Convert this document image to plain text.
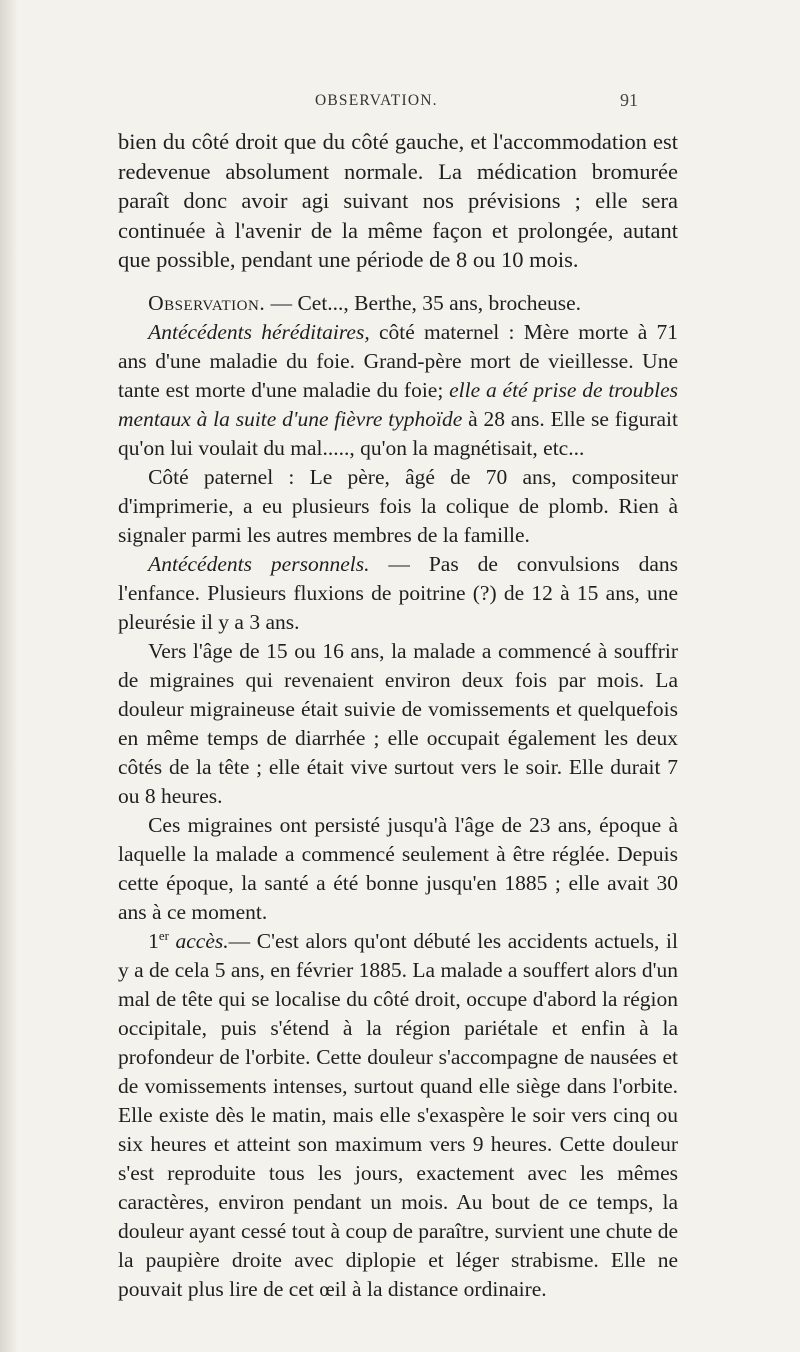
OBSERVATION.	91

bien du côté droit que du côté gauche, et l'accommodation est redevenue absolument normale. La médication bromurée paraît donc avoir agi suivant nos prévisions ; elle sera continuée à l'avenir de la même façon et prolongée, autant que possible, pendant une période de 8 ou 10 mois.

Observation. — Cet..., Berthe, 35 ans, brocheuse.

Antécédents héréditaires, côté maternel : Mère morte à 71 ans d'une maladie du foie. Grand-père mort de vieillesse. Une tante est morte d'une maladie du foie; elle a été prise de troubles mentaux à la suite d'une fièvre typhoïde à 28 ans. Elle se figurait qu'on lui voulait du mal....., qu'on la magnétisait, etc...

Côté paternel : Le père, âgé de 70 ans, compositeur d'imprimerie, a eu plusieurs fois la colique de plomb. Rien à signaler parmi les autres membres de la famille.

Antécédents personnels. — Pas de convulsions dans l'enfance. Plusieurs fluxions de poitrine (?) de 12 à 15 ans, une pleurésie il y a 3 ans.

Vers l'âge de 15 ou 16 ans, la malade a commencé à souffrir de migraines qui revenaient environ deux fois par mois. La douleur migraineuse était suivie de vomissements et quelquefois en même temps de diarrhée ; elle occupait également les deux côtés de la tête ; elle était vive surtout vers le soir. Elle durait 7 ou 8 heures.

Ces migraines ont persisté jusqu'à l'âge de 23 ans, époque à laquelle la malade a commencé seulement à être réglée. Depuis cette époque, la santé a été bonne jusqu'en 1885 ; elle avait 30 ans à ce moment.

1er accès.— C'est alors qu'ont débuté les accidents actuels, il y a de cela 5 ans, en février 1885. La malade a souffert alors d'un mal de tête qui se localise du côté droit, occupe d'abord la région occipitale, puis s'étend à la région pariétale et enfin à la profondeur de l'orbite. Cette douleur s'accompagne de nausées et de vomissements intenses, surtout quand elle siège dans l'orbite. Elle existe dès le matin, mais elle s'exaspère le soir vers cinq ou six heures et atteint son maximum vers 9 heures. Cette douleur s'est reproduite tous les jours, exactement avec les mêmes caractères, environ pendant un mois. Au bout de ce temps, la douleur ayant cessé tout à coup de paraître, survient une chute de la paupière droite avec diplopie et léger strabisme. Elle ne pouvait plus lire de cet œil à la distance ordinaire.
